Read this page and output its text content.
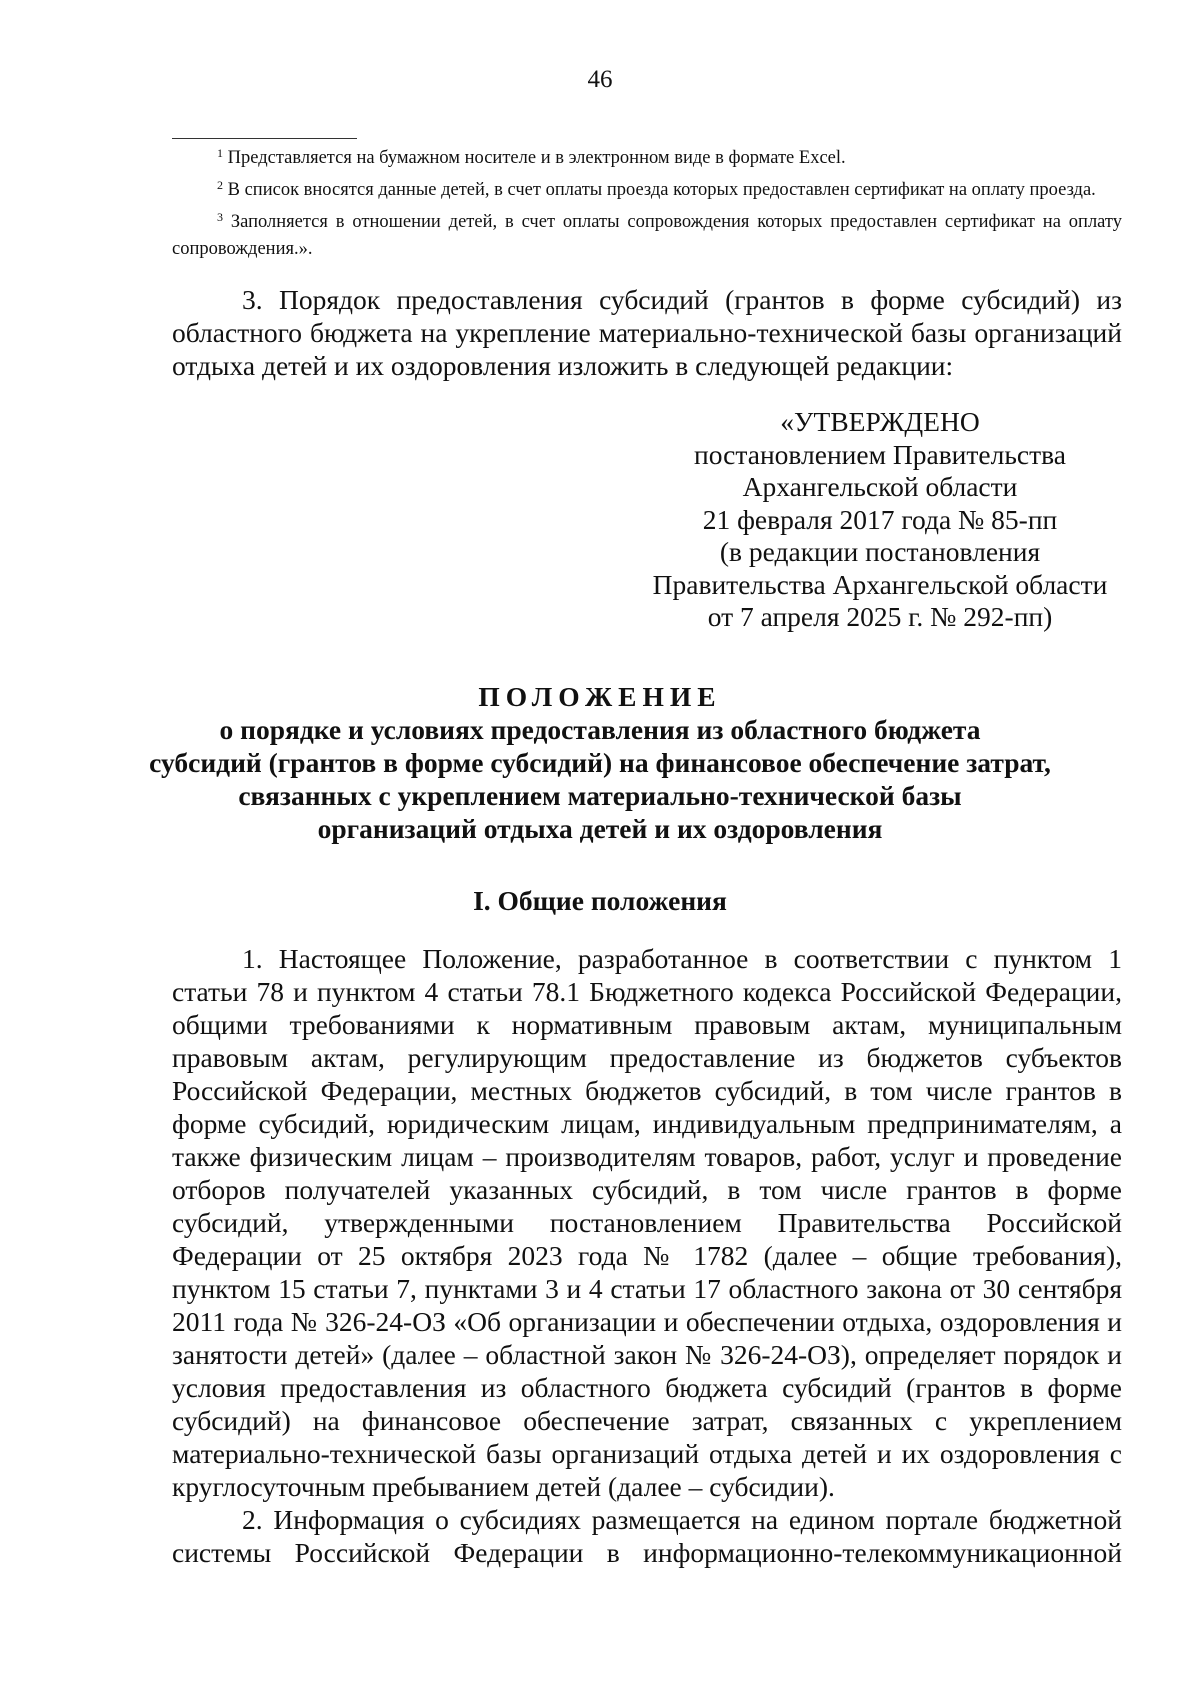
46

$^1$ Представляется на бумажном носителе и в электронном виде в формате Excel.

$^2$ В список вносятся данные детей, в счет оплаты проезда которых предоставлен сертификат на оплату проезда.

$^3$ Заполняется в отношении детей, в счет оплаты сопровождения которых предоставлен сертификат на оплату сопровождения.».

3. Порядок предоставления субсидий (грантов в форме субсидий) из областного бюджета на укрепление материально-технической базы организаций отдыха детей и их оздоровления изложить в следующей редакции:

«УТВЕРЖДЕНО
постановлением Правительства
Архангельской области
21 февраля 2017 года № 85-пп
(в редакции постановления
Правительства Архангельской области
от 7 апреля 2025 г. № 292-пп)
ПОЛОЖЕНИЕ
о порядке и условиях предоставления из областного бюджета
субсидий (грантов в форме субсидий) на финансовое обеспечение затрат,
связанных с укреплением материально-технической базы
организаций отдыха детей и их оздоровления
I. Общие положения

1. Настоящее Положение, разработанное в соответствии с пунктом 1 статьи 78 и пунктом 4 статьи 78.1 Бюджетного кодекса Российской Федерации, общими требованиями к нормативным правовым актам, муниципальным правовым актам, регулирующим предоставление из бюджетов субъектов Российской Федерации, местных бюджетов субсидий, в том числе грантов в форме субсидий, юридическим лицам, индивидуальным предпринимателям, а также физическим лицам – производителям товаров, работ, услуг и проведение отборов получателей указанных субсидий, в том числе грантов в форме субсидий, утвержденными постановлением Правительства Российской Федерации от 25 октября 2023 года № 1782 (далее – общие требования), пунктом 15 статьи 7, пунктами 3 и 4 статьи 17 областного закона от 30 сентября 2011 года № 326-24-ОЗ «Об организации и обеспечении отдыха, оздоровления и занятости детей» (далее – областной закон № 326-24-ОЗ), определяет порядок и условия предоставления из областного бюджета субсидий (грантов в форме субсидий) на финансовое обеспечение затрат, связанных с укреплением материально-технической базы организаций отдыха детей и их оздоровления с круглосуточным пребыванием детей (далее – субсидии).

2. Информация о субсидиях размещается на едином портале бюджетной системы Российской Федерации в информационно-телекоммуникационной
